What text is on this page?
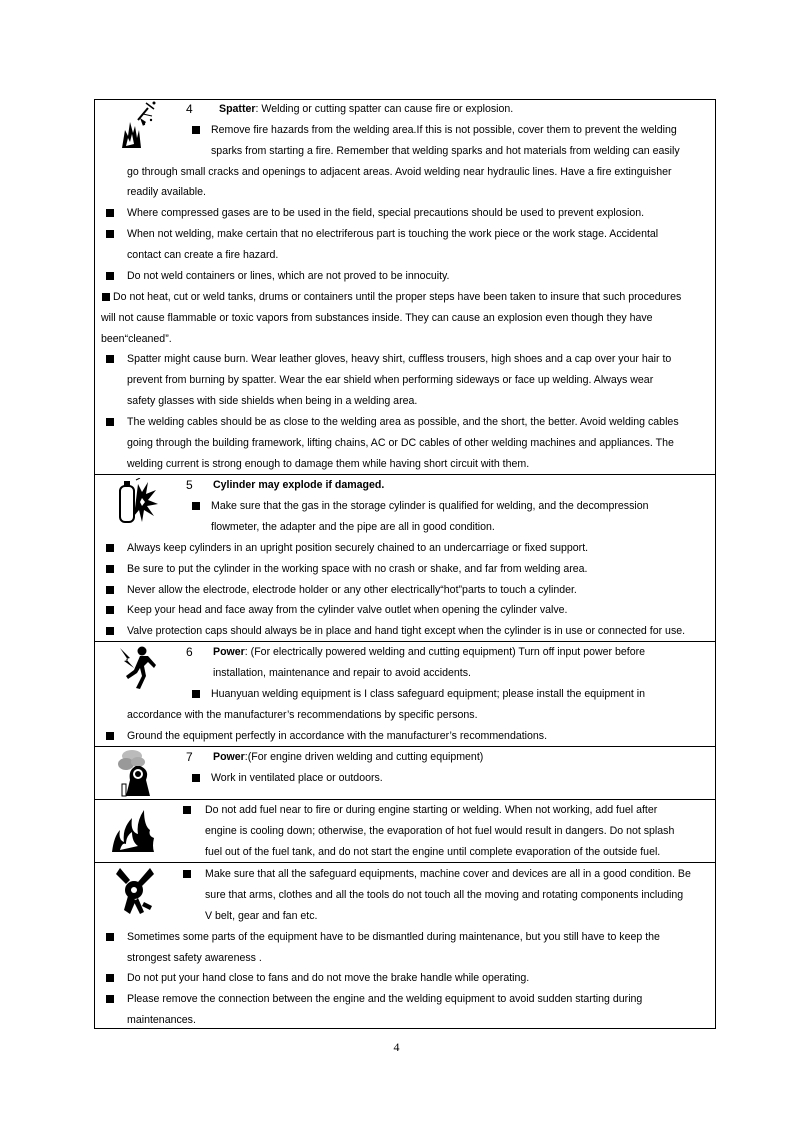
4 Spatter: Welding or cutting spatter can cause fire or explosion.
Remove fire hazards from the welding area.If this is not possible, cover them to prevent the welding
sparks from starting a fire. Remember that welding sparks and hot materials from welding can easily
go through small cracks and openings to adjacent areas. Avoid welding near hydraulic lines. Have a fire extinguisher
readily available.
Where compressed gases are to be used in the field, special precautions should be used to prevent explosion.
When not welding, make certain that no electriferous part is touching the work piece or the work stage. Accidental
contact can create a fire hazard.
Do not weld containers or lines, which are not proved to be innocuity.
Do not heat, cut or weld tanks, drums or containers until the proper steps have been taken to insure that such procedures
will not cause flammable or toxic vapors from substances inside. They can cause an explosion even though they have
been“cleaned”.
Spatter might cause burn. Wear leather gloves, heavy shirt, cuffless trousers, high shoes and a cap over your hair to
prevent from burning by spatter. Wear the ear shield when performing sideways or face up welding. Always wear
safety glasses with side shields when being in a welding area.
The welding cables should be as close to the welding area as possible, and the short, the better. Avoid welding cables
going through the building framework, lifting chains, AC or DC cables of other welding machines and appliances. The
welding current is strong enough to damage them while having short circuit with them.
5 Cylinder may explode if damaged.
Make sure that the gas in the storage cylinder is qualified for welding, and the decompression
flowmeter, the adapter and the pipe are all in good condition.
Always keep cylinders in an upright position securely chained to an undercarriage or fixed support.
Be sure to put the cylinder in the working space with no crash or shake, and far from welding area.
Never allow the electrode, electrode holder or any other electrically“hot”parts to touch a cylinder.
Keep your head and face away from the cylinder valve outlet when opening the cylinder valve.
Valve protection caps should always be in place and hand tight except when the cylinder is in use or connected for use.
6 Power: (For electrically powered welding and cutting equipment) Turn off input power before
installation, maintenance and repair to avoid accidents.
Huanyuan welding equipment is I class safeguard equipment; please install the equipment in
accordance with the manufacturer’s recommendations by specific persons.
Ground the equipment perfectly in accordance with the manufacturer’s recommendations.
7 Power:(For engine driven welding and cutting equipment)
Work in ventilated place or outdoors.
Do not add fuel near to fire or during engine starting or welding. When not working, add fuel after
engine is cooling down; otherwise, the evaporation of hot fuel would result in dangers. Do not splash
fuel out of the fuel tank, and do not start the engine until complete evaporation of the outside fuel.
Make sure that all the safeguard equipments, machine cover and devices are all in a good condition. Be
sure that arms, clothes and all the tools do not touch all the moving and rotating components including
V belt, gear and fan etc.
Sometimes some parts of the equipment have to be dismantled during maintenance, but you still have to keep the
strongest safety awareness .
Do not put your hand close to fans and do not move the brake handle while operating.
Please remove the connection between the engine and the welding equipment to avoid sudden starting during
maintenances.
4
